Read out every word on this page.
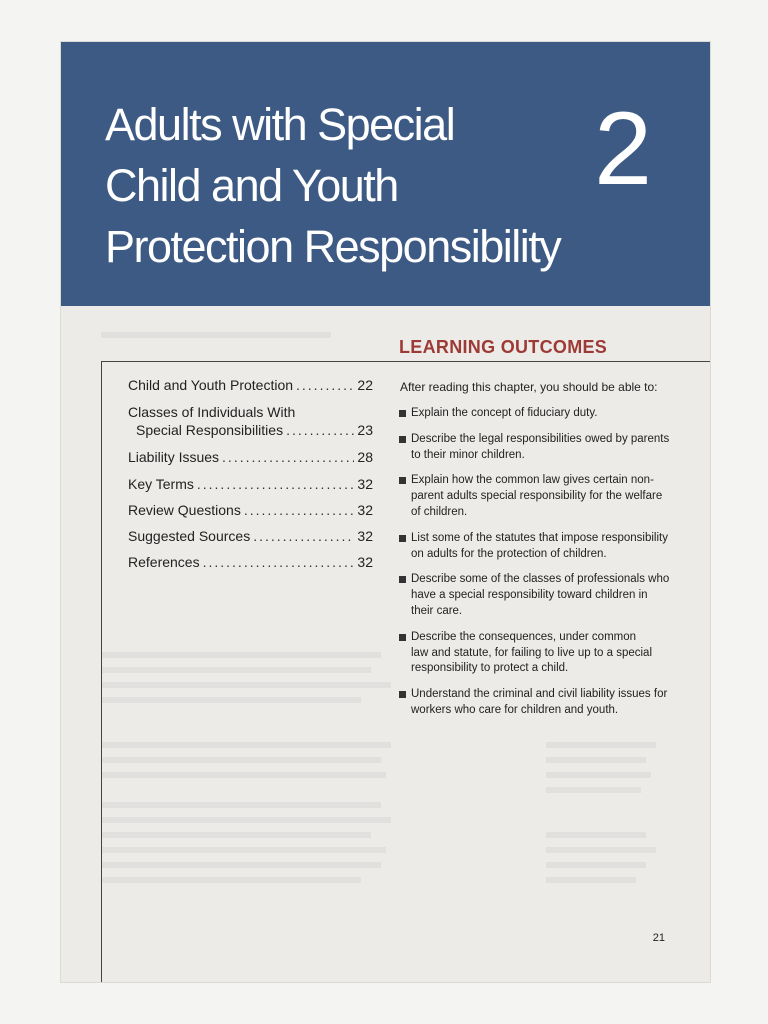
Adults with Special
Child and Youth
Protection Responsibility
2
Child and Youth Protection .....	22
Classes of Individuals With
Special Responsibilities .....	23
Liability Issues .....	28
Key Terms .....	32
Review Questions .....	32
Suggested Sources .....	32
References .....	32
LEARNING OUTCOMES
After reading this chapter, you should be able to:
Explain the concept of fiduciary duty.
Describe the legal responsibilities owed by parents
to their minor children.
Explain how the common law gives certain non-
parent adults special responsibility for the welfare
of children.
List some of the statutes that impose responsibility
on adults for the protection of children.
Describe some of the classes of professionals who
have a special responsibility toward children in
their care.
Describe the consequences, under common
law and statute, for failing to live up to a special
responsibility to protect a child.
Understand the criminal and civil liability issues for
workers who care for children and youth.
21
